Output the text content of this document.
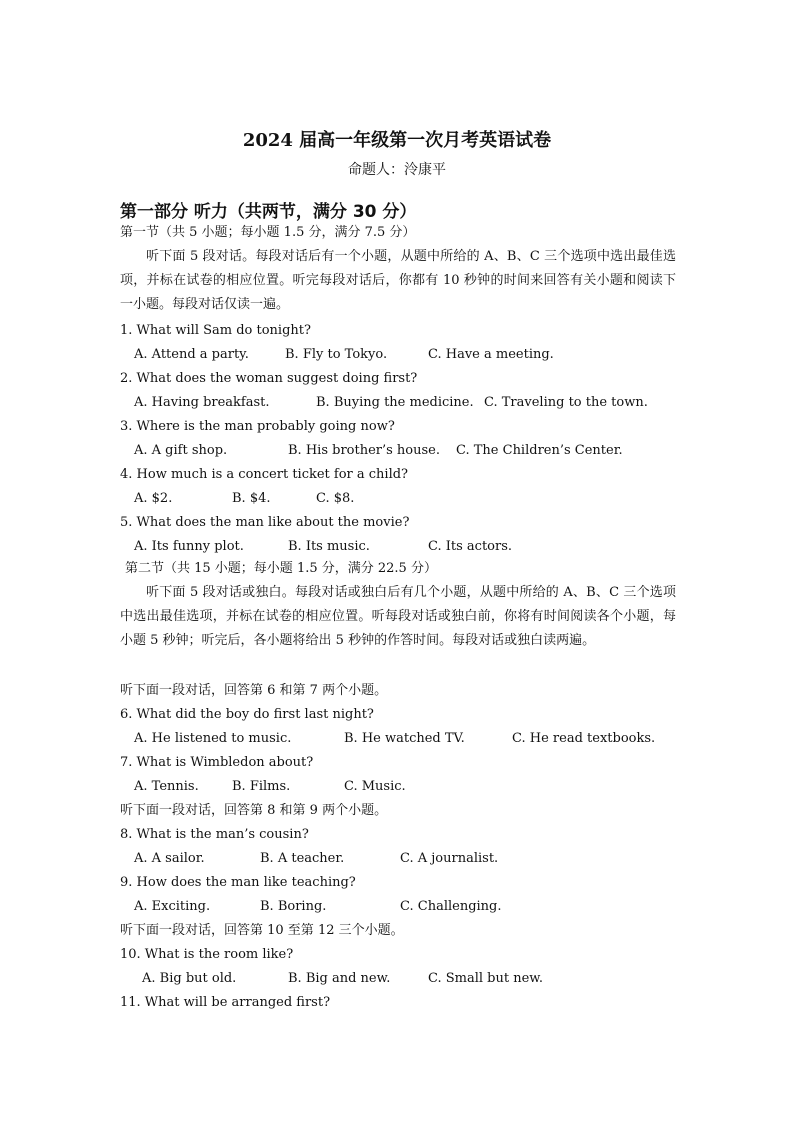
2024 届高一年级第一次月考英语试卷
命题人：泠康平
第一部分 听力（共两节，满分 30 分）
第一节（共 5 小题；每小题 1.5 分，满分 7.5 分）
听下面 5 段对话。每段对话后有一个小题，从题中所给的 A、B、C 三个选项中选出最佳选项，并标在试卷的相应位置。听完每段对话后，你都有 10 秒钟的时间来回答有关小题和阅读下一小题。每段对话仅读一遍。
1. What will Sam do tonight?
A. Attend a party.	B. Fly to Tokyo.	C. Have a meeting.
2. What does the woman suggest doing first?
A. Having breakfast.	B. Buying the medicine. C. Traveling to the town.
3. Where is the man probably going now?
A. A gift shop.	B. His brother’s house. C. The Children’s Center.
4. How much is a concert ticket for a child?
A. $2.	B. $4.	C. $8.
5. What does the man like about the movie?
A. Its funny plot.	B. Its music.	C. Its actors.
第二节（共 15 小题；每小题 1.5 分，满分 22.5 分）
听下面 5 段对话或独白。每段对话或独白后有几个小题，从题中所给的 A、B、C 三个选项中选出最佳选项，并标在试卷的相应位置。听每段对话或独白前，你将有时间阅读各个小题，每小题 5 秒钟；听完后，各小题将给出 5 秒钟的作答时间。每段对话或独白读两遍。
听下面一段对话，回答第 6 和第 7 两个小题。
6. What did the boy do first last night?
A. He listened to music.	B. He watched TV.	C. He read textbooks.
7. What is Wimbledon about?
A. Tennis.	B. Films.	C. Music.
听下面一段对话，回答第 8 和第 9 两个小题。
8. What is the man’s cousin?
A. A sailor.	B. A teacher.	C. A journalist.
9. How does the man like teaching?
A. Exciting.	B. Boring.	C. Challenging.
听下面一段对话，回答第 10 至第 12 三个小题。
10. What is the room like?
A. Big but old.	B. Big and new.	C. Small but new.
11. What will be arranged first?
